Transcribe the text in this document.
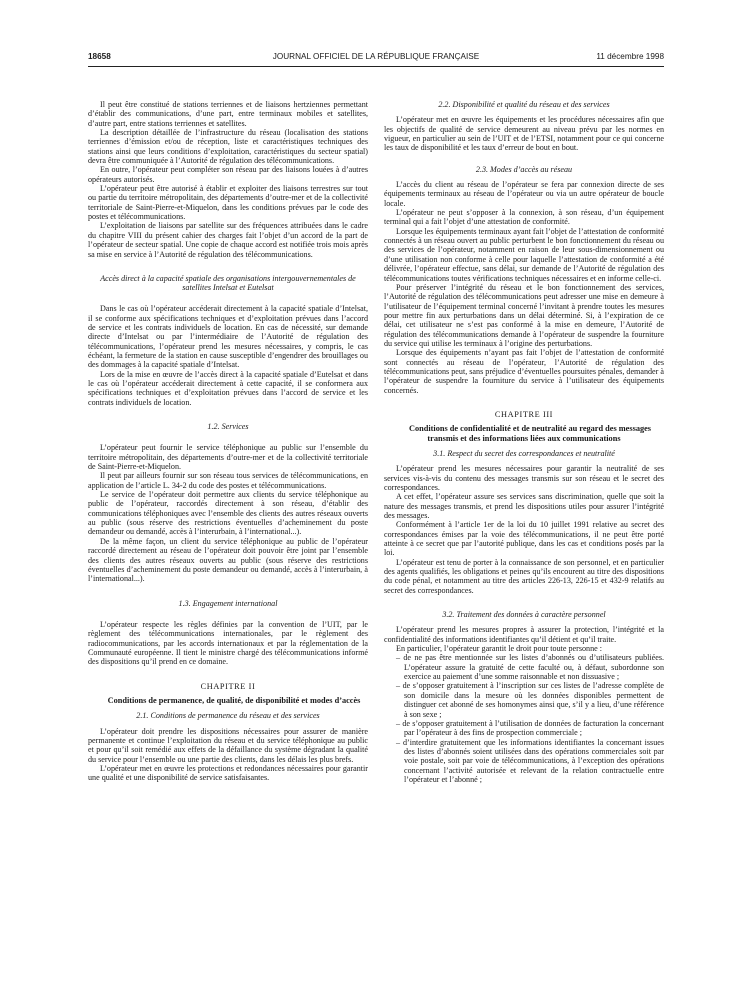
18658	JOURNAL OFFICIEL DE LA RÉPUBLIQUE FRANÇAISE	11 décembre 1998

Il peut être constitué de stations terriennes et de liaisons hertziennes permettant d’établir des communications, d’une part, entre terminaux mobiles et satellites, d’autre part, entre stations terriennes et satellites.

La description détaillée de l’infrastructure du réseau (localisation des stations terriennes d’émission et/ou de réception, liste et caractéristiques techniques des stations ainsi que leurs conditions d’exploitation, caractéristiques du secteur spatial) devra être communiquée à l’Autorité de régulation des télécommunications.

En outre, l’opérateur peut compléter son réseau par des liaisons louées à d’autres opérateurs autorisés.

L’opérateur peut être autorisé à établir et exploiter des liaisons terrestres sur tout ou partie du territoire métropolitain, des départements d’outre-mer et de la collectivité territoriale de Saint-Pierre-et-Miquelon, dans les conditions prévues par le code des postes et télécommunications.

L’exploitation de liaisons par satellite sur des fréquences attribuées dans le cadre du chapitre VIII du présent cahier des charges fait l’objet d’un accord de la part de l’opérateur de secteur spatial. Une copie de chaque accord est notifiée trois mois après sa mise en service à l’Autorité de régulation des télécommunications.

Accès direct à la capacité spatiale des organisations intergouvernementales de satellites Intelsat et Eutelsat

Dans le cas où l’opérateur accéderait directement à la capacité spatiale d’Intelsat, il se conforme aux spécifications techniques et d’exploitation prévues dans l’accord de service et les contrats individuels de location. En cas de nécessité, sur demande directe d’Intelsat ou par l’intermédiaire de l’Autorité de régulation des télécommunications, l’opérateur prend les mesures nécessaires, y compris, le cas échéant, la fermeture de la station en cause susceptible d’engendrer des brouillages ou des dommages à la capacité spatiale d’Intelsat.

Lors de la mise en œuvre de l’accès direct à la capacité spatiale d’Eutelsat et dans le cas où l’opérateur accéderait directement à cette capacité, il se conformera aux spécifications techniques et d’exploitation prévues dans l’accord de service et les contrats individuels de location.

1.2. Services

L’opérateur peut fournir le service téléphonique au public sur l’ensemble du territoire métropolitain, des départements d’outre-mer et de la collectivité territoriale de Saint-Pierre-et-Miquelon.

Il peut par ailleurs fournir sur son réseau tous services de télécommunications, en application de l’article L. 34-2 du code des postes et télécommunications.

Le service de l’opérateur doit permettre aux clients du service téléphonique au public de l’opérateur, raccordés directement à son réseau, d’établir des communications téléphoniques avec l’ensemble des clients des autres réseaux ouverts au public (sous réserve des restrictions éventuelles d’acheminement du poste demandeur ou demandé, accès à l’interurbain, à l’international...).

De la même façon, un client du service téléphonique au public de l’opérateur raccordé directement au réseau de l’opérateur doit pouvoir être joint par l’ensemble des clients des autres réseaux ouverts au public (sous réserve des restrictions éventuelles d’acheminement du poste demandeur ou demandé, accès à l’interurbain, à l’international...).

1.3. Engagement international

L’opérateur respecte les règles définies par la convention de l’UIT, par le règlement des télécommunications internationales, par le règlement des radiocommunications, par les accords internationaux et par la réglementation de la Communauté européenne. Il tient le ministre chargé des télécommunications informé des dispositions qu’il prend en ce domaine.

CHAPITRE II

Conditions de permanence, de qualité, de disponibilité et modes d’accès

2.1. Conditions de permanence du réseau et des services

L’opérateur doit prendre les dispositions nécessaires pour assurer de manière permanente et continue l’exploitation du réseau et du service téléphonique au public et pour qu’il soit remédié aux effets de la défaillance du système dégradant la qualité du service pour l’ensemble ou une partie des clients, dans les délais les plus brefs.

L’opérateur met en œuvre les protections et redondances nécessaires pour garantir une qualité et une disponibilité de service satisfaisantes.

2.2. Disponibilité et qualité du réseau et des services

L’opérateur met en œuvre les équipements et les procédures nécessaires afin que les objectifs de qualité de service demeurent au niveau prévu par les normes en vigueur, en particulier au sein de l’UIT et de l’ETSI, notamment pour ce qui concerne les taux de disponibilité et les taux d’erreur de bout en bout.

2.3. Modes d’accès au réseau

L’accès du client au réseau de l’opérateur se fera par connexion directe de ses équipements terminaux au réseau de l’opérateur ou via un autre opérateur de boucle locale.

L’opérateur ne peut s’opposer à la connexion, à son réseau, d’un équipement terminal qui a fait l’objet d’une attestation de conformité.

Lorsque les équipements terminaux ayant fait l’objet de l’attestation de conformité connectés à un réseau ouvert au public perturbent le bon fonctionnement du réseau ou des services de l’opérateur, notamment en raison de leur sous-dimensionnement ou d’une utilisation non conforme à celle pour laquelle l’attestation de conformité a été délivrée, l’opérateur effectue, sans délai, sur demande de l’Autorité de régulation des télécommunications toutes vérifications techniques nécessaires et en informe celle-ci.

Pour préserver l’intégrité du réseau et le bon fonctionnement des services, l’Autorité de régulation des télécommunications peut adresser une mise en demeure à l’utilisateur de l’équipement terminal concerné l’invitant à prendre toutes les mesures pour mettre fin aux perturbations dans un délai déterminé. Si, à l’expiration de ce délai, cet utilisateur ne s’est pas conformé à la mise en demeure, l’Autorité de régulation des télécommunications demande à l’opérateur de suspendre la fourniture du service qui utilise les terminaux à l’origine des perturbations.

Lorsque des équipements n’ayant pas fait l’objet de l’attestation de conformité sont connectés au réseau de l’opérateur, l’Autorité de régulation des télécommunications peut, sans préjudice d’éventuelles poursuites pénales, demander à l’opérateur de suspendre la fourniture du service à l’utilisateur des équipements concernés.

CHAPITRE III

Conditions de confidentialité et de neutralité au regard des messages transmis et des informations liées aux communications

3.1. Respect du secret des correspondances et neutralité

L’opérateur prend les mesures nécessaires pour garantir la neutralité de ses services vis-à-vis du contenu des messages transmis sur son réseau et le secret des correspondances.

A cet effet, l’opérateur assure ses services sans discrimination, quelle que soit la nature des messages transmis, et prend les dispositions utiles pour assurer l’intégrité des messages.

Conformément à l’article 1er de la loi du 10 juillet 1991 relative au secret des correspondances émises par la voie des télécommunications, il ne peut être porté atteinte à ce secret que par l’autorité publique, dans les cas et conditions posés par la loi.

L’opérateur est tenu de porter à la connaissance de son personnel, et en particulier des agents qualifiés, les obligations et peines qu’ils encourent au titre des dispositions du code pénal, et notamment au titre des articles 226-13, 226-15 et 432-9 relatifs au secret des correspondances.

3.2. Traitement des données à caractère personnel

L’opérateur prend les mesures propres à assurer la protection, l’intégrité et la confidentialité des informations identifiantes qu’il détient et qu’il traite.

En particulier, l’opérateur garantit le droit pour toute personne :

– de ne pas être mentionnée sur les listes d’abonnés ou d’utilisateurs publiées. L’opérateur assure la gratuité de cette faculté ou, à défaut, subordonne son exercice au paiement d’une somme raisonnable et non dissuasive ;
– de s’opposer gratuitement à l’inscription sur ces listes de l’adresse complète de son domicile dans la mesure où les données disponibles permettent de distinguer cet abonné de ses homonymes ainsi que, s’il y a lieu, d’une référence à son sexe ;
– de s’opposer gratuitement à l’utilisation de données de facturation la concernant par l’opérateur à des fins de prospection commerciale ;
– d’interdire gratuitement que les informations identifiantes la concernant issues des listes d’abonnés soient utilisées dans des opérations commerciales soit par voie postale, soit par voie de télécommunications, à l’exception des opérations concernant l’activité autorisée et relevant de la relation contractuelle entre l’opérateur et l’abonné ;
